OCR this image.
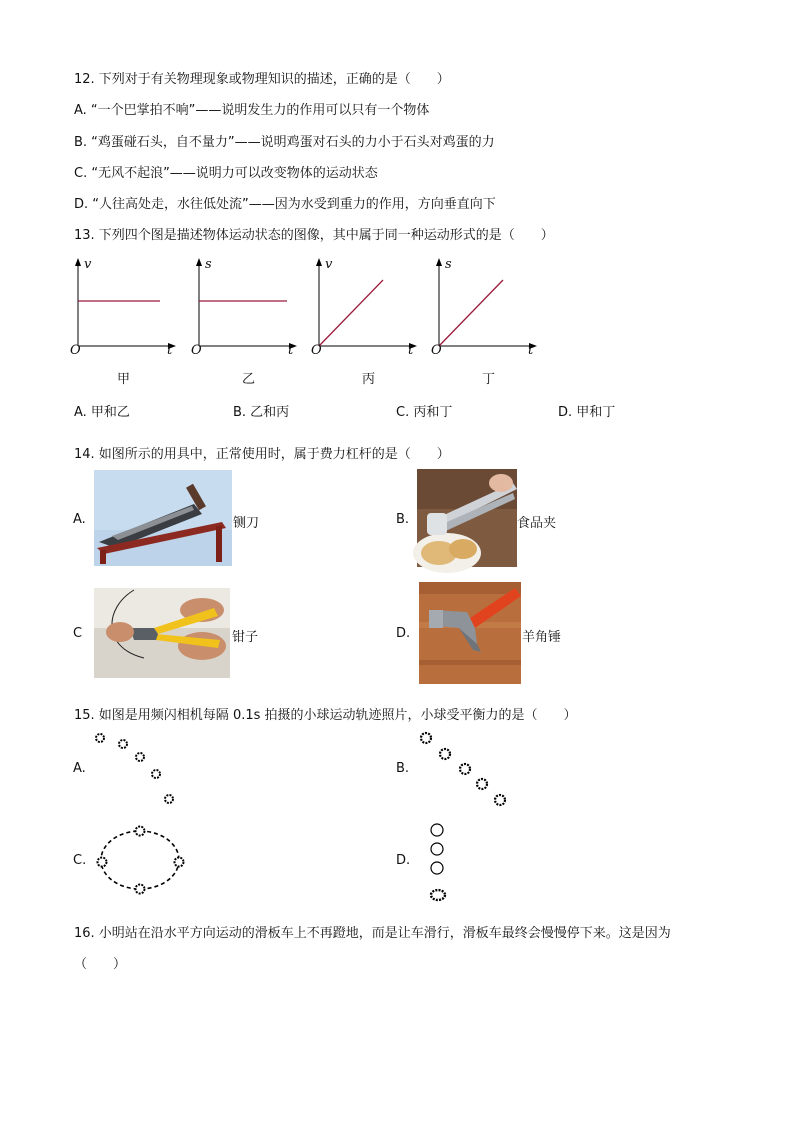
12. 下列对于有关物理现象或物理知识的描述，正确的是（　　）
A. “一个巴掌拍不响”——说明发生力的作用可以只有一个物体
B. “鸡蛋碰石头，自不量力”——说明鸡蛋对石头的力小于石头对鸡蛋的力
C. “无风不起浪”——说明力可以改变物体的运动状态
D. “人往高处走，水往低处流”——因为水受到重力的作用，方向垂直向下
13. 下列四个图是描述物体运动状态的图像，其中属于同一种运动形式的是（　　）
v
O	t
甲
s
O	t
乙
v
O	t
丙
s
O	t
丁
A. 甲和乙	B. 乙和丙	C. 丙和丁	D. 甲和丁
14. 如图所示的用具中，正常使用时，属于费力杠杆的是（　　）
A.	铡刀	B.	食品夹
C	钳子	D.	羊角锤
15. 如图是用频闪相机每隔 0.1s 拍摄的小球运动轨迹照片，小球受平衡力的是（　　）
A.	B.
C.	D.
16. 小明站在沿水平方向运动的滑板车上不再蹬地，而是让车滑行，滑板车最终会慢慢停下来。这是因为
（　　）
